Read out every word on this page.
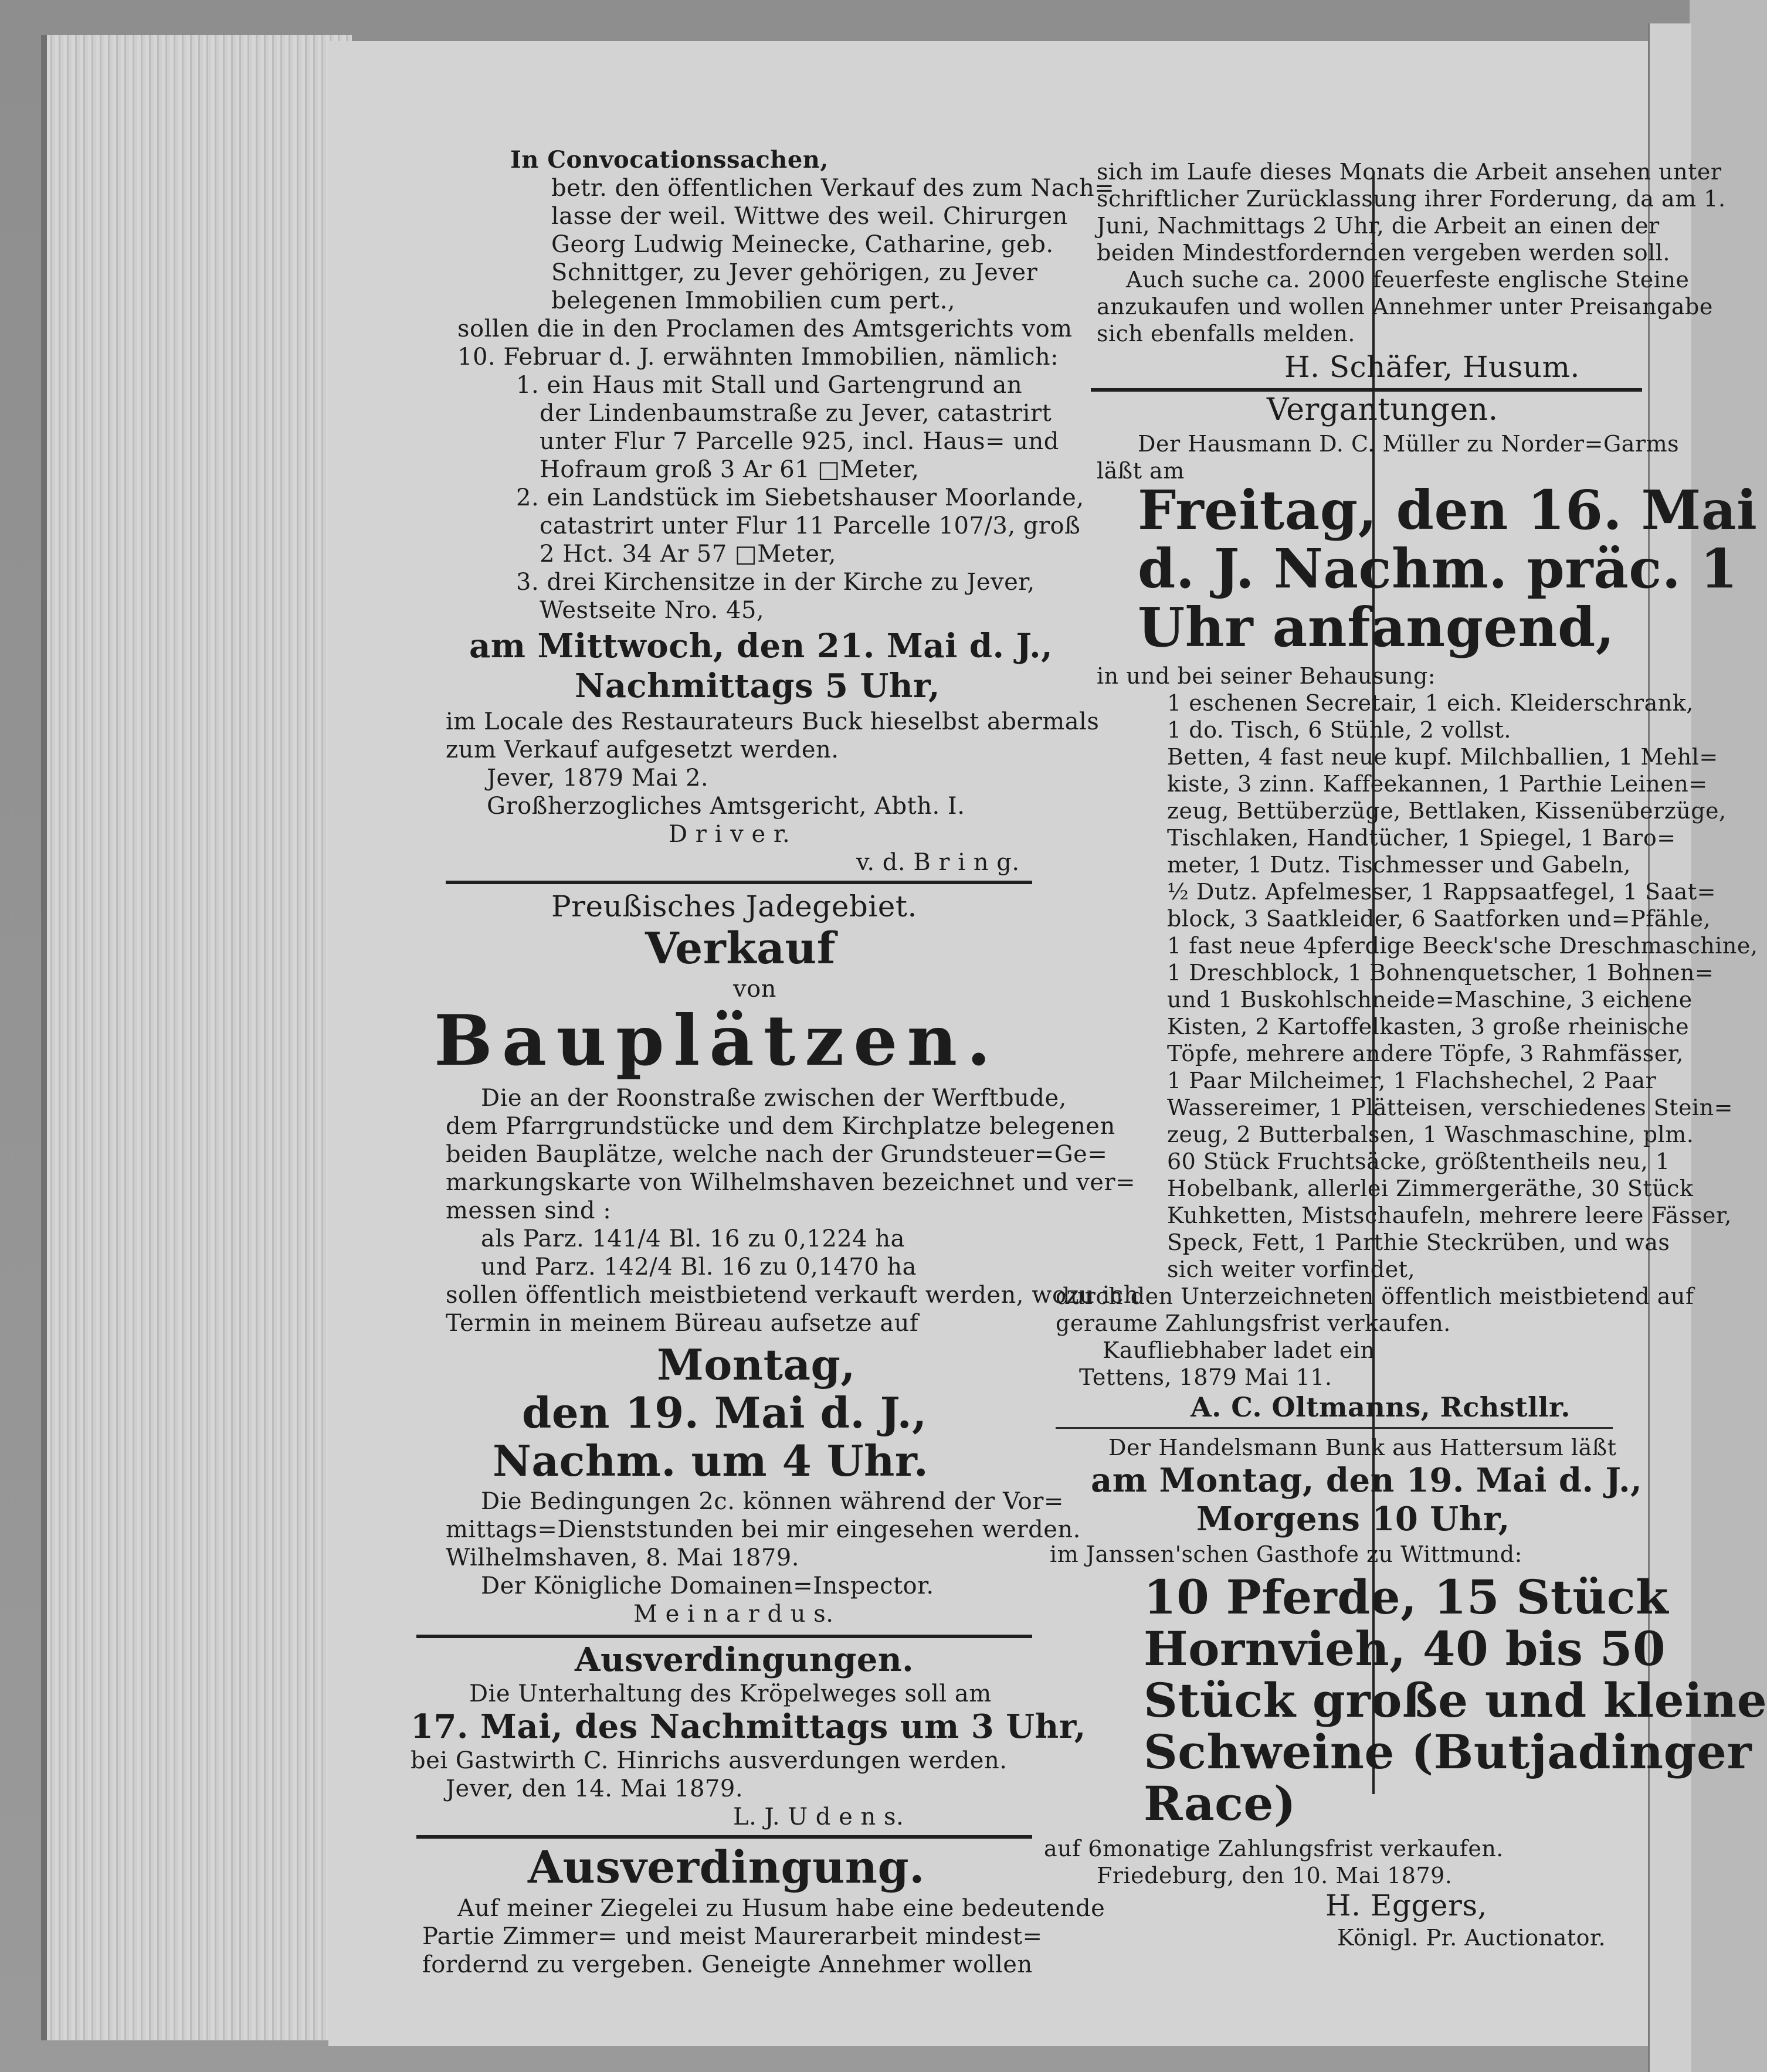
In Convocationssachen,
betr. den öffentlichen Verkauf des zum Nach=
lasse der weil. Wittwe des weil. Chirurgen
Georg Ludwig Meinecke, Catharine, geb.
Schnittger, zu Jever gehörigen, zu Jever
belegenen Immobilien cum pert.,
sollen die in den Proclamen des Amtsgerichts vom
10. Februar d. J. erwähnten Immobilien, nämlich:
1. ein Haus mit Stall und Gartengrund an
der Lindenbaumstraße zu Jever, catastrirt
unter Flur 7 Parcelle 925, incl. Haus= und
Hofraum groß 3 Ar 61 □Meter,
2. ein Landstück im Siebetshauser Moorlande,
catastrirt unter Flur 11 Parcelle 107/3, groß
2 Hct. 34 Ar 57 □Meter,
3. drei Kirchensitze in der Kirche zu Jever,
Westseite Nro. 45,
am Mittwoch, den 21. Mai d. J.,
Nachmittags 5 Uhr,
im Locale des Restaurateurs Buck hieselbst abermals
zum Verkauf aufgesetzt werden.
Jever, 1879 Mai 2.
Großherzogliches Amtsgericht, Abth. I.
D r i v e r.
v. d. B r i n g.
Preußisches Jadegebiet.
Verkauf
von
Bauplätzen.
Die an der Roonstraße zwischen der Werftbude,
dem Pfarrgrundstücke und dem Kirchplatze belegenen
beiden Bauplätze, welche nach der Grundsteuer=Ge=
markungskarte von Wilhelmshaven bezeichnet und ver=
messen sind :
als Parz. 141/4 Bl. 16 zu 0,1224 ha
und Parz. 142/4 Bl. 16 zu 0,1470 ha
sollen öffentlich meistbietend verkauft werden, wozu ich
Termin in meinem Büreau aufsetze auf
Montag,
den 19. Mai d. J.,
Nachm. um 4 Uhr.
Die Bedingungen 2c. können während der Vor=
mittags=Dienststunden bei mir eingesehen werden.
Wilhelmshaven, 8. Mai 1879.
Der Königliche Domainen=Inspector.
M e i n a r d u s.
Ausverdingungen.
Die Unterhaltung des Kröpelweges soll am
17. Mai, des Nachmittags um 3 Uhr,
bei Gastwirth C. Hinrichs ausverdungen werden.
Jever, den 14. Mai 1879.
L. J. U d e n s.
Ausverdingung.
Auf meiner Ziegelei zu Husum habe eine bedeutende
Partie Zimmer= und meist Maurerarbeit mindest=
fordernd zu vergeben. Geneigte Annehmer wollen
sich im Laufe dieses Monats die Arbeit ansehen unter
schriftlicher Zurücklassung ihrer Forderung, da am 1.
Juni, Nachmittags 2 Uhr, die Arbeit an einen der
beiden Mindestfordernden vergeben werden soll.
Auch suche ca. 2000 feuerfeste englische Steine
anzukaufen und wollen Annehmer unter Preisangabe
sich ebenfalls melden.
H. Schäfer, Husum.
Vergantungen.
Der Hausmann D. C. Müller zu Norder=Garms
läßt am
Freitag, den 16. Mai
d. J. Nachm. präc. 1
Uhr anfangend,
in und bei seiner Behausung:
1 eschenen Secretair, 1 eich. Kleiderschrank,
1 do. Tisch, 6 Stühle, 2 vollst.
Betten, 4 fast neue kupf. Milchballien, 1 Mehl=
kiste, 3 zinn. Kaffeekannen, 1 Parthie Leinen=
zeug, Bettüberzüge, Bettlaken, Kissenüberzüge,
Tischlaken, Handtücher, 1 Spiegel, 1 Baro=
meter, 1 Dutz. Tischmesser und Gabeln,
½ Dutz. Apfelmesser, 1 Rappsaatfegel, 1 Saat=
block, 3 Saatkleider, 6 Saatforken und=Pfähle,
1 fast neue 4pferdige Beeck'sche Dreschmaschine,
1 Dreschblock, 1 Bohnenquetscher, 1 Bohnen=
und 1 Buskohlschneide=Maschine, 3 eichene
Kisten, 2 Kartoffelkasten, 3 große rheinische
Töpfe, mehrere andere Töpfe, 3 Rahmfässer,
1 Paar Milcheimer, 1 Flachshechel, 2 Paar
Wassereimer, 1 Plätteisen, verschiedenes Stein=
zeug, 2 Butterbalsen, 1 Waschmaschine, plm.
60 Stück Fruchtsäcke, größtentheils neu, 1
Hobelbank, allerlei Zimmergeräthe, 30 Stück
Kuhketten, Mistschaufeln, mehrere leere Fässer,
Speck, Fett, 1 Parthie Steckrüben, und was
sich weiter vorfindet,
durch den Unterzeichneten öffentlich meistbietend auf
geraume Zahlungsfrist verkaufen.
Kaufliebhaber ladet ein
Tettens, 1879 Mai 11.
A. C. Oltmanns, Rchstllr.
Der Handelsmann Bunk aus Hattersum läßt
am Montag, den 19. Mai d. J.,
Morgens 10 Uhr,
im Janssen'schen Gasthofe zu Wittmund:
10 Pferde, 15 Stück
Hornvieh, 40 bis 50
Stück große und kleine
Schweine (Butjadinger
Race)
auf 6monatige Zahlungsfrist verkaufen.
Friedeburg, den 10. Mai 1879.
H. Eggers,
Königl. Pr. Auctionator.
